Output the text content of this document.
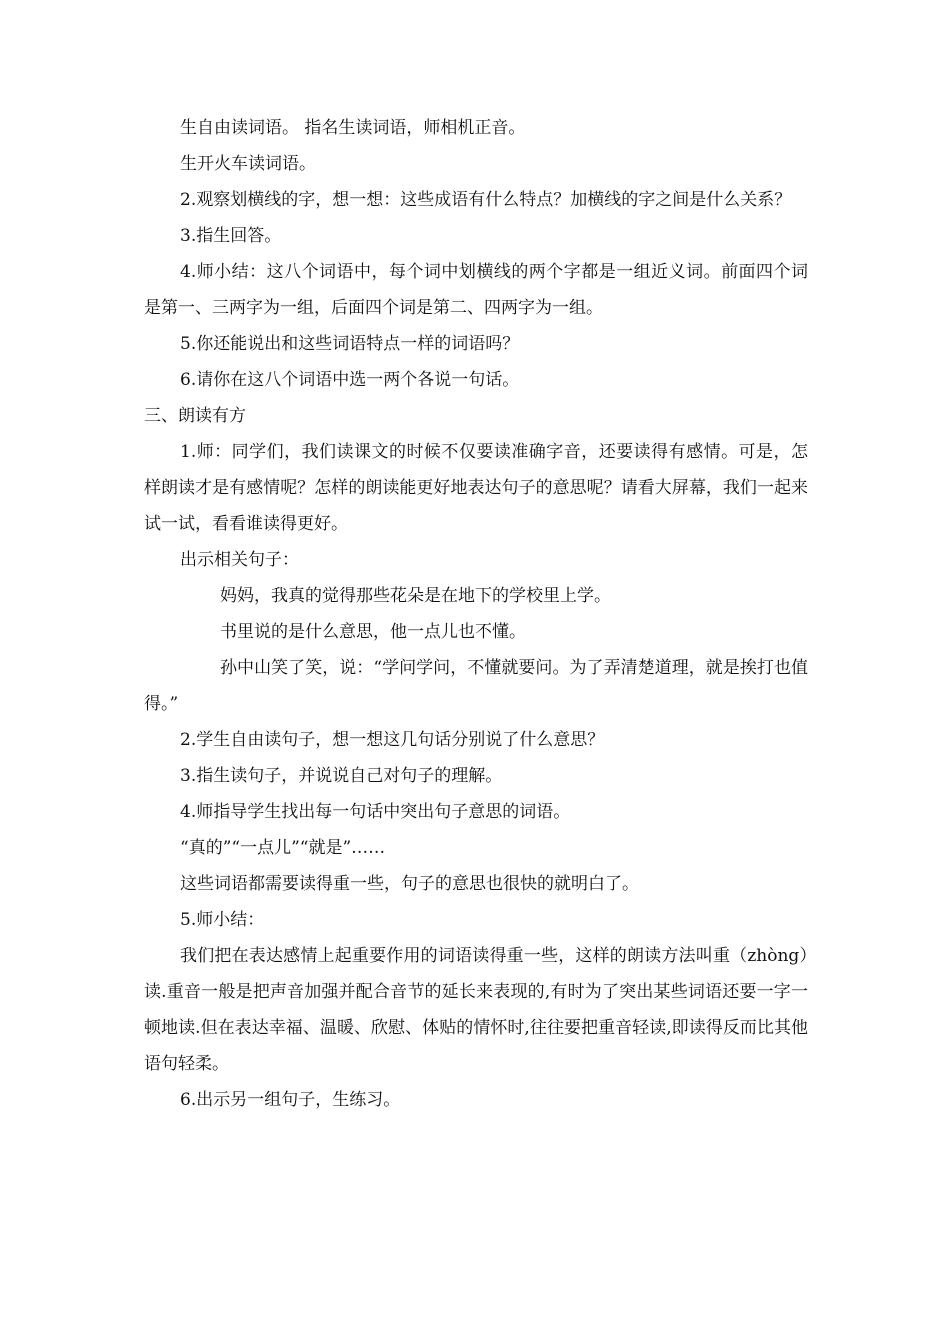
生自由读词语。 指名生读词语，师相机正音。

生开火车读词语。

2.观察划横线的字，想一想：这些成语有什么特点？加横线的字之间是什么关系？

3.指生回答。

4.师小结：这八个词语中，每个词中划横线的两个字都是一组近义词。前面四个词是第一、三两字为一组，后面四个词是第二、四两字为一组。

5.你还能说出和这些词语特点一样的词语吗？

6.请你在这八个词语中选一两个各说一句话。

三、朗读有方

1.师：同学们，我们读课文的时候不仅要读准确字音，还要读得有感情。可是，怎样朗读才是有感情呢？怎样的朗读能更好地表达句子的意思呢？请看大屏幕，我们一起来试一试，看看谁读得更好。

出示相关句子：

妈妈，我真的觉得那些花朵是在地下的学校里上学。

书里说的是什么意思，他一点儿也不懂。

孙中山笑了笑，说：“学问学问，不懂就要问。为了弄清楚道理，就是挨打也值得。”

2.学生自由读句子，想一想这几句话分别说了什么意思？

3.指生读句子，并说说自己对句子的理解。

4.师指导学生找出每一句话中突出句子意思的词语。

“真的”“一点儿”“就是”……

这些词语都需要读得重一些，句子的意思也很快的就明白了。

5.师小结：

我们把在表达感情上起重要作用的词语读得重一些，这样的朗读方法叫重（zhòng）读.重音一般是把声音加强并配合音节的延长来表现的,有时为了突出某些词语还要一字一顿地读.但在表达幸福、温暖、欣慰、体贴的情怀时,往往要把重音轻读,即读得反而比其他语句轻柔。

6.出示另一组句子，生练习。
